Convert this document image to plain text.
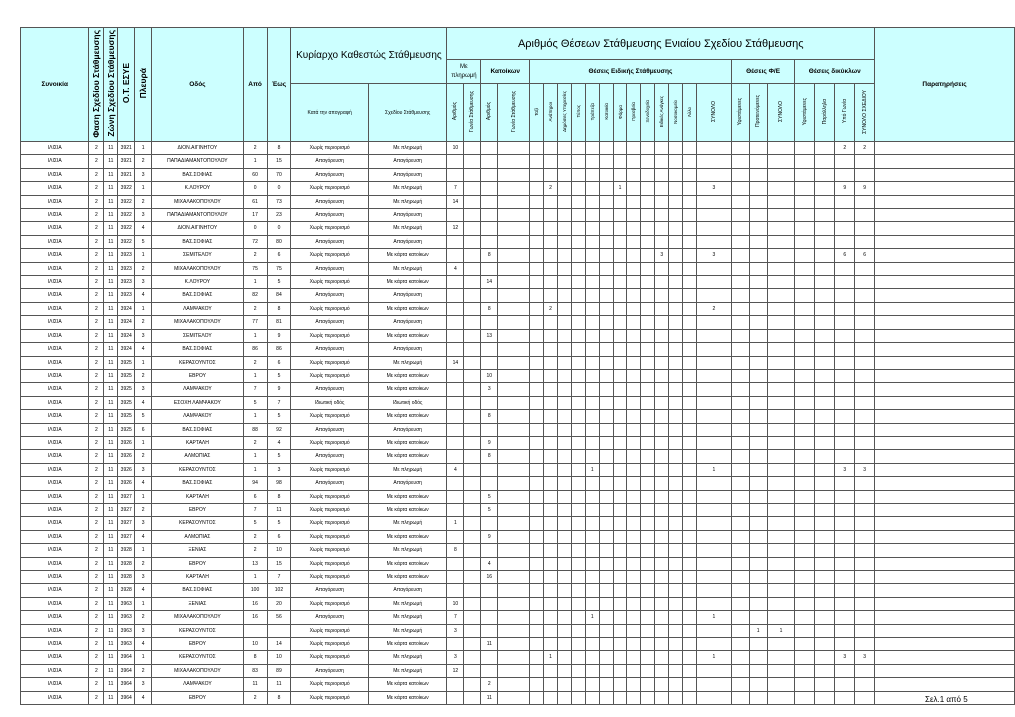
Συνοικία	Φαση Σχεδίου Στάθμευσης	Ζώνη Σχεδίου Στάθμευσης	Ο.Τ. ΕΣΥΕ	Πλευρά	Οδός	Από	Έως	Κυρίαρχο Καθεστώς Στάθμευσης		Αριθμός Θέσεων Στάθμευσης Ενιαίου Σχεδίου Στάθμευσης																								Παρατηρήσεις
										Με πληρωμή		Κατοίκων		Θέσεις Ειδικής Στάθμευσης													Θέσεις Φ/Ε			Θέσεις δικύκλων				
								Κατά την απογραφή	Σχεδίου Στάθμευσης	Αριθμός	Γωνία Στάθμευσης	Αριθμός	Γωνία Στάθμευσης	Ταξί	Ανάπηροι	Δημόσιες Υπηρεσίες	Τύπος	Τράπεζα	Κατοικία	Φάρμα	Πρεσβεία	Ξενοδοχεία	Ειδικές Ανάγκες	Νοσοκομείο	Άλλο	ΣΥΝΟΛΟ	Υφιστάμενες	Προτεινόμενες	ΣΥΝΟΛΟ	Υφιστάμενες	Παράλληλα	Υπό Γωνία	ΣΥΝΟΛΟ ΣΧΕΔΙΟΥ	
ΙΛΙΣΙΑ	2	11	3921	1	ΔΙΟΝ.ΑΙΓΙΝΗΤΟΥ	2	8	Χωρίς περιορισμό	Με πληρωμή	10																						2	2	
ΙΛΙΣΙΑ	2	11	3921	2	ΠΑΠΑΔΙΑΜΑΝΤΟΠΟΥΛΟΥ	1	15	Απαγόρευση	Απαγόρευση																									
ΙΛΙΣΙΑ	2	11	3921	3	ΒΑΣ.ΣΟΦΙΑΣ	60	70	Απαγόρευση	Απαγόρευση																									
ΙΛΙΣΙΑ	2	11	3922	1	Κ.ΛΟΥΡΟΥ	0	0	Χωρίς περιορισμό	Με πληρωμή	7					2					1						3						9	9	
ΙΛΙΣΙΑ	2	11	3922	2	ΜΙΧΑΛΑΚΟΠΟΥΛΟΥ	61	73	Απαγόρευση	Με πληρωμή	14																								
ΙΛΙΣΙΑ	2	11	3922	3	ΠΑΠΑΔΙΑΜΑΝΤΟΠΟΥΛΟΥ	17	23	Απαγόρευση	Απαγόρευση																									
ΙΛΙΣΙΑ	2	11	3922	4	ΔΙΟΝ.ΑΙΓΙΝΗΤΟΥ	0	0	Χωρίς περιορισμό	Με πληρωμή	12																								
ΙΛΙΣΙΑ	2	11	3922	5	ΒΑΣ.ΣΟΦΙΑΣ	72	80	Απαγόρευση	Απαγόρευση																									
ΙΛΙΣΙΑ	2	11	3923	1	ΣΕΜΙΤΕΛΟΥ	2	6	Χωρίς περιορισμό	Με κάρτα κατοίκων			8											3			3						6	6	
ΙΛΙΣΙΑ	2	11	3923	2	ΜΙΧΑΛΑΚΟΠΟΥΛΟΥ	75	75	Απαγόρευση	Με πληρωμή	4																								
ΙΛΙΣΙΑ	2	11	3923	3	Κ.ΛΟΥΡΟΥ	1	5	Χωρίς περιορισμό	Με κάρτα κατοίκων			14																						
ΙΛΙΣΙΑ	2	11	3923	4	ΒΑΣ.ΣΟΦΙΑΣ	82	84	Απαγόρευση	Απαγόρευση																									
ΙΛΙΣΙΑ	2	11	3924	1	ΛΑΜΨΑΚΟΥ	2	8	Χωρίς περιορισμό	Με κάρτα κατοίκων			8			2											2								
ΙΛΙΣΙΑ	2	11	3924	2	ΜΙΧΑΛΑΚΟΠΟΥΛΟΥ	77	81	Απαγόρευση	Απαγόρευση																									
ΙΛΙΣΙΑ	2	11	3924	3	ΣΕΜΙΤΕΛΟΥ	1	9	Χωρίς περιορισμό	Με κάρτα κατοίκων			13																						
ΙΛΙΣΙΑ	2	11	3924	4	ΒΑΣ.ΣΟΦΙΑΣ	86	86	Απαγόρευση	Απαγόρευση																									
ΙΛΙΣΙΑ	2	11	3925	1	ΚΕΡΑΣΟΥΝΤΟΣ	2	6	Χωρίς περιορισμό	Με πληρωμή	14																								
ΙΛΙΣΙΑ	2	11	3925	2	ΕΒΡΟΥ	1	5	Χωρίς περιορισμό	Με κάρτα κατοίκων			10																						
ΙΛΙΣΙΑ	2	11	3925	3	ΛΑΜΨΑΚΟΥ	7	9	Απαγόρευση	Με κάρτα κατοίκων			3																						
ΙΛΙΣΙΑ	2	11	3925	4	ΕΣΟΧΗ ΛΑΜΨΑΚΟΥ	5	7	Ιδιωτική οδός	Ιδιωτική οδός																									
ΙΛΙΣΙΑ	2	11	3925	5	ΛΑΜΨΑΚΟΥ	1	5	Χωρίς περιορισμό	Με κάρτα κατοίκων			8																						
ΙΛΙΣΙΑ	2	11	3925	6	ΒΑΣ.ΣΟΦΙΑΣ	88	92	Απαγόρευση	Απαγόρευση																									
ΙΛΙΣΙΑ	2	11	3926	1	ΚΑΡΤΑΛΗ	2	4	Χωρίς περιορισμό	Με κάρτα κατοίκων			9																						
ΙΛΙΣΙΑ	2	11	3926	2	ΑΛΜΩΠΙΑΣ	1	5	Απαγόρευση	Με κάρτα κατοίκων			8																						
ΙΛΙΣΙΑ	2	11	3926	3	ΚΕΡΑΣΟΥΝΤΟΣ	1	3	Χωρίς περιορισμό	Με πληρωμή	4								1								1						3	3	
ΙΛΙΣΙΑ	2	11	3926	4	ΒΑΣ.ΣΟΦΙΑΣ	94	98	Απαγόρευση	Απαγόρευση																									
ΙΛΙΣΙΑ	2	11	3927	1	ΚΑΡΤΑΛΗ	6	8	Χωρίς περιορισμό	Με κάρτα κατοίκων			5																						
ΙΛΙΣΙΑ	2	11	3927	2	ΕΒΡΟΥ	7	11	Χωρίς περιορισμό	Με κάρτα κατοίκων			5																						
ΙΛΙΣΙΑ	2	11	3927	3	ΚΕΡΑΣΟΥΝΤΟΣ	5	5	Χωρίς περιορισμό	Με πληρωμή	1																								
ΙΛΙΣΙΑ	2	11	3927	4	ΑΛΜΩΠΙΑΣ	2	6	Χωρίς περιορισμό	Με κάρτα κατοίκων			9																						
ΙΛΙΣΙΑ	2	11	3928	1	ΞΕΝΙΑΣ	2	10	Χωρίς περιορισμό	Με πληρωμή	8																								
ΙΛΙΣΙΑ	2	11	3928	2	ΕΒΡΟΥ	13	15	Χωρίς περιορισμό	Με κάρτα κατοίκων			4																						
ΙΛΙΣΙΑ	2	11	3928	3	ΚΑΡΤΑΛΗ	1	7	Χωρίς περιορισμό	Με κάρτα κατοίκων			16																						
ΙΛΙΣΙΑ	2	11	3928	4	ΒΑΣ.ΣΟΦΙΑΣ	100	102	Απαγόρευση	Απαγόρευση																									
ΙΛΙΣΙΑ	2	11	3963	1	ΞΕΝΙΑΣ	16	20	Χωρίς περιορισμό	Με πληρωμή	10																								
ΙΛΙΣΙΑ	2	11	3963	2	ΜΙΧΑΛΑΚΟΠΟΥΛΟΥ	16	56	Απαγόρευση	Με πληρωμή	7								1								1								
ΙΛΙΣΙΑ	2	11	3963	3	ΚΕΡΑΣΟΥΝΤΟΣ			Χωρίς περιορισμό	Με πληρωμή	3																		1	1					
ΙΛΙΣΙΑ	2	11	3963	4	ΕΒΡΟΥ	10	14	Χωρίς περιορισμό	Με κάρτα κατοίκων			11																						
ΙΛΙΣΙΑ	2	11	3964	1	ΚΕΡΑΣΟΥΝΤΟΣ	8	10	Χωρίς περιορισμό	Με πληρωμή	3					1											1						3	3	
ΙΛΙΣΙΑ	2	11	3964	2	ΜΙΧΑΛΑΚΟΠΟΥΛΟΥ	83	89	Απαγόρευση	Με πληρωμή	12																								
ΙΛΙΣΙΑ	2	11	3964	3	ΛΑΜΨΑΚΟΥ	11	11	Χωρίς περιορισμό	Με κάρτα κατοίκων			2																						
ΙΛΙΣΙΑ	2	11	3964	4	ΕΒΡΟΥ	2	8	Χωρίς περιορισμό	Με κάρτα κατοίκων			11																							Σελ.1 από 5
